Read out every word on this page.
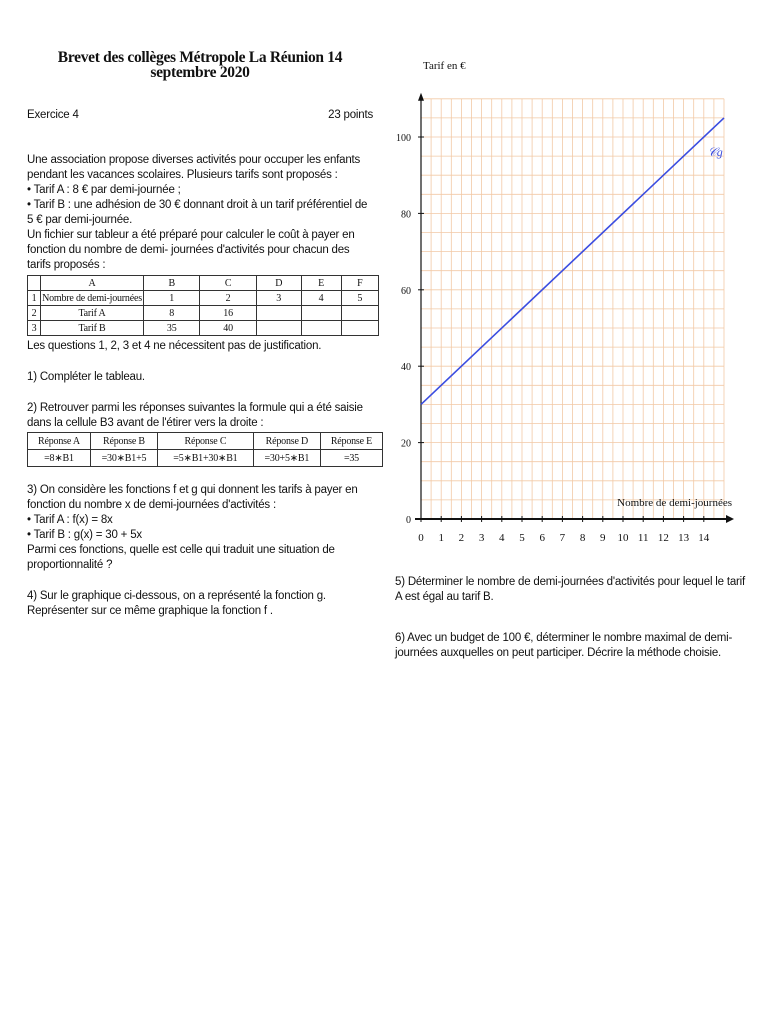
Brevet des collèges Métropole La Réunion 14 septembre 2020
Exercice 4	23 points

Une association propose diverses activités pour occuper les enfants pendant les vacances scolaires. Plusieurs tarifs sont proposés :

• Tarif A : 8 € par demi-journée ;

• Tarif B : une adhésion de 30 € donnant droit à un tarif préférentiel de 5 € par demi-journée.

Un fichier sur tableur a été préparé pour calculer le coût à payer en fonction du nombre de demi- journées d'activités pour chacun des tarifs proposés :

	A	B	C	D	E	F
1	Nombre de demi-journées	1	2	3	4	5
2	Tarif A	8	16			
3	Tarif B	35	40			

Les questions 1, 2, 3 et 4 ne nécessitent pas de justification.

1) Compléter le tableau.

2) Retrouver parmi les réponses suivantes la formule qui a été saisie dans la cellule B3 avant de l'étirer vers la droite :

Réponse A	Réponse B	Réponse C	Réponse D	Réponse E
=8∗B1	=30∗B1+5	=5∗B1+30∗B1	=30+5∗B1	=35

3) On considère les fonctions f et g qui donnent les tarifs à payer en fonction du nombre x de demi-journées d'activités :

• Tarif A : f(x) = 8x

• Tarif B : g(x) = 30 + 5x

Parmi ces fonctions, quelle est celle qui traduit une situation de proportionnalité ?

4) Sur le graphique ci-dessous, on a représenté la fonction g. Représenter sur ce même graphique la fonction f .

0 1 2 3 4 5 6 7 8 9 10 11 12 13 14
0
20
40
60
80
100
Tarif en €
Nombre de demi-journées
𝒞g

5) Déterminer le nombre de demi-journées d'activités pour lequel le tarif A est égal au tarif B.

6) Avec un budget de 100 €, déterminer le nombre maximal de demi-journées auxquelles on peut participer. Décrire la méthode choisie.
